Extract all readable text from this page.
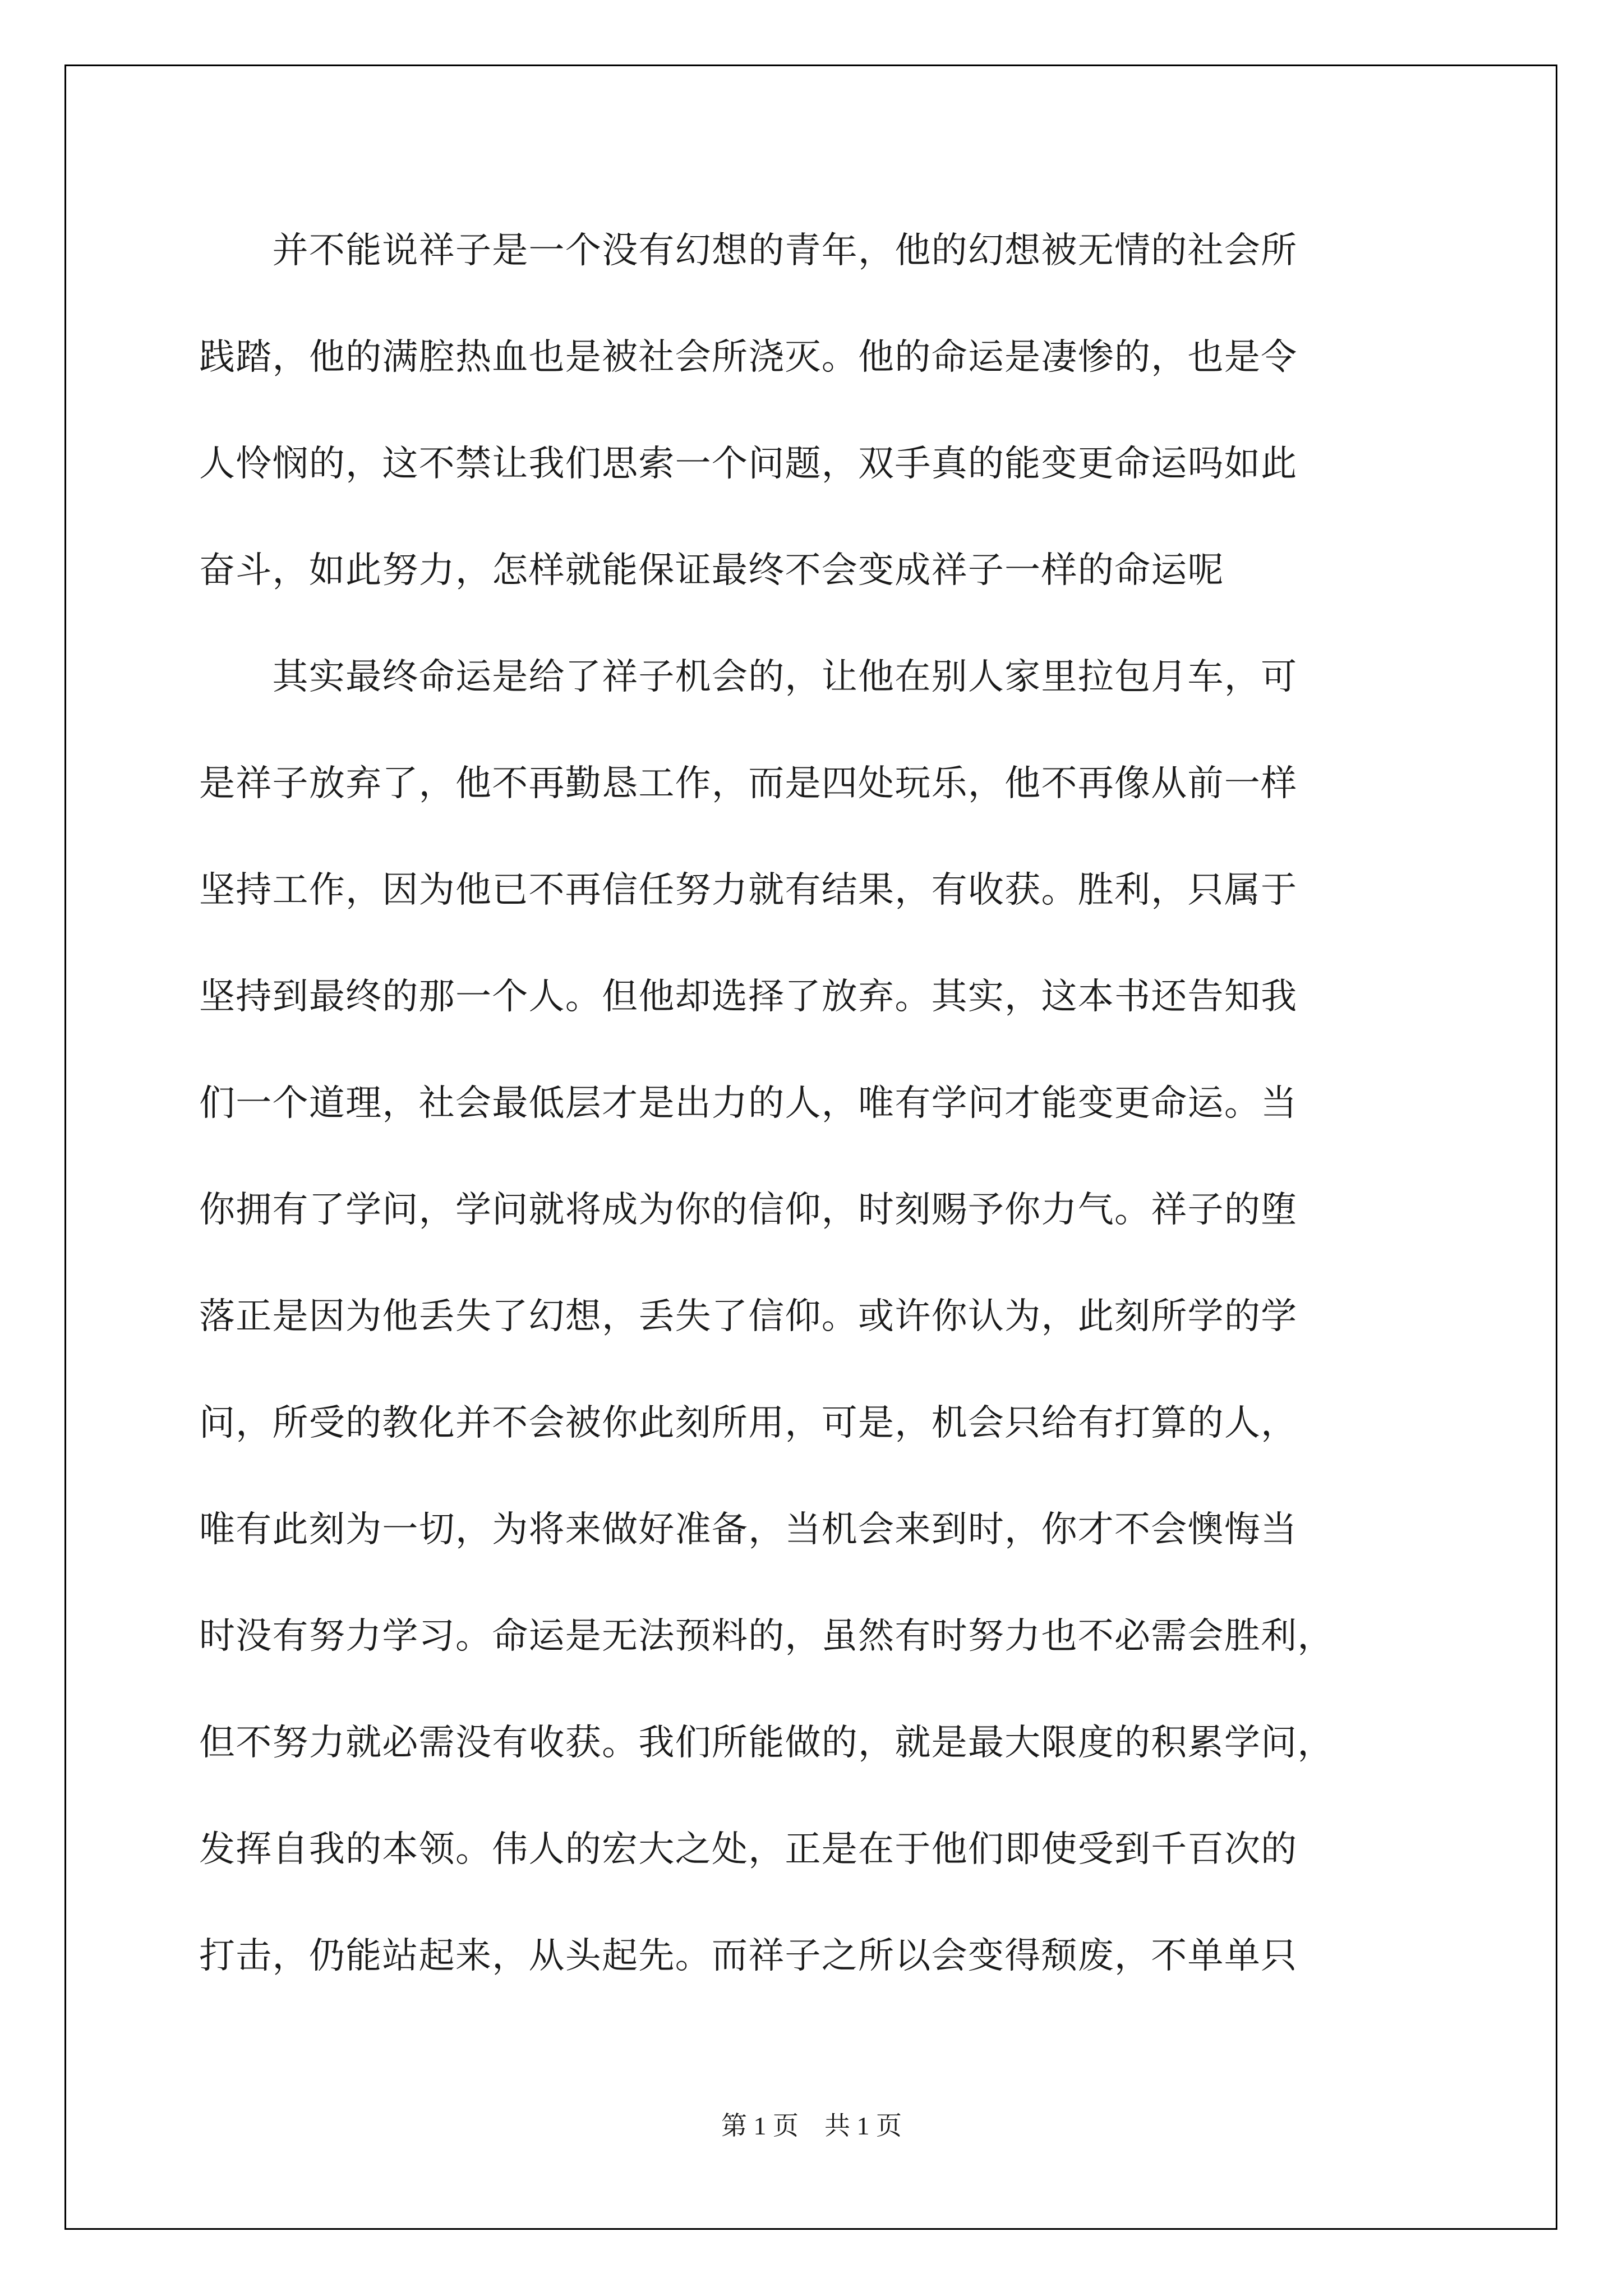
　　并不能说祥子是一个没有幻想的青年，他的幻想被无情的社会所
践踏，他的满腔热血也是被社会所浇灭。他的命运是凄惨的，也是令
人怜悯的，这不禁让我们思索一个问题，双手真的能变更命运吗如此
奋斗，如此努力，怎样就能保证最终不会变成祥子一样的命运呢
　　其实最终命运是给了祥子机会的，让他在别人家里拉包月车，可
是祥子放弃了，他不再勤恳工作，而是四处玩乐，他不再像从前一样
坚持工作，因为他已不再信任努力就有结果，有收获。胜利，只属于
坚持到最终的那一个人。但他却选择了放弃。其实，这本书还告知我
们一个道理，社会最低层才是出力的人，唯有学问才能变更命运。当
你拥有了学问，学问就将成为你的信仰，时刻赐予你力气。祥子的堕
落正是因为他丢失了幻想，丢失了信仰。或许你认为，此刻所学的学
问，所受的教化并不会被你此刻所用，可是，机会只给有打算的人，
唯有此刻为一切，为将来做好准备，当机会来到时，你才不会懊悔当
时没有努力学习。命运是无法预料的，虽然有时努力也不必需会胜利，
但不努力就必需没有收获。我们所能做的，就是最大限度的积累学问，
发挥自我的本领。伟人的宏大之处，正是在于他们即使受到千百次的
打击，仍能站起来，从头起先。而祥子之所以会变得颓废，不单单只
第 1 页　共 1 页
